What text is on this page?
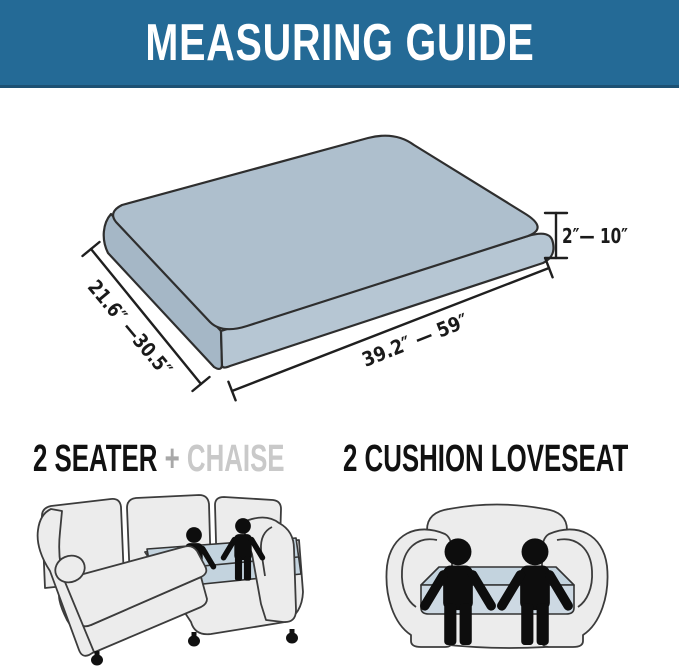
MEASURING GUIDE
21.6″ —30.5″	39.2″ — 59″
2″— 10″
2 SEATER + CHAISE 2 CUSHION LOVESEAT
